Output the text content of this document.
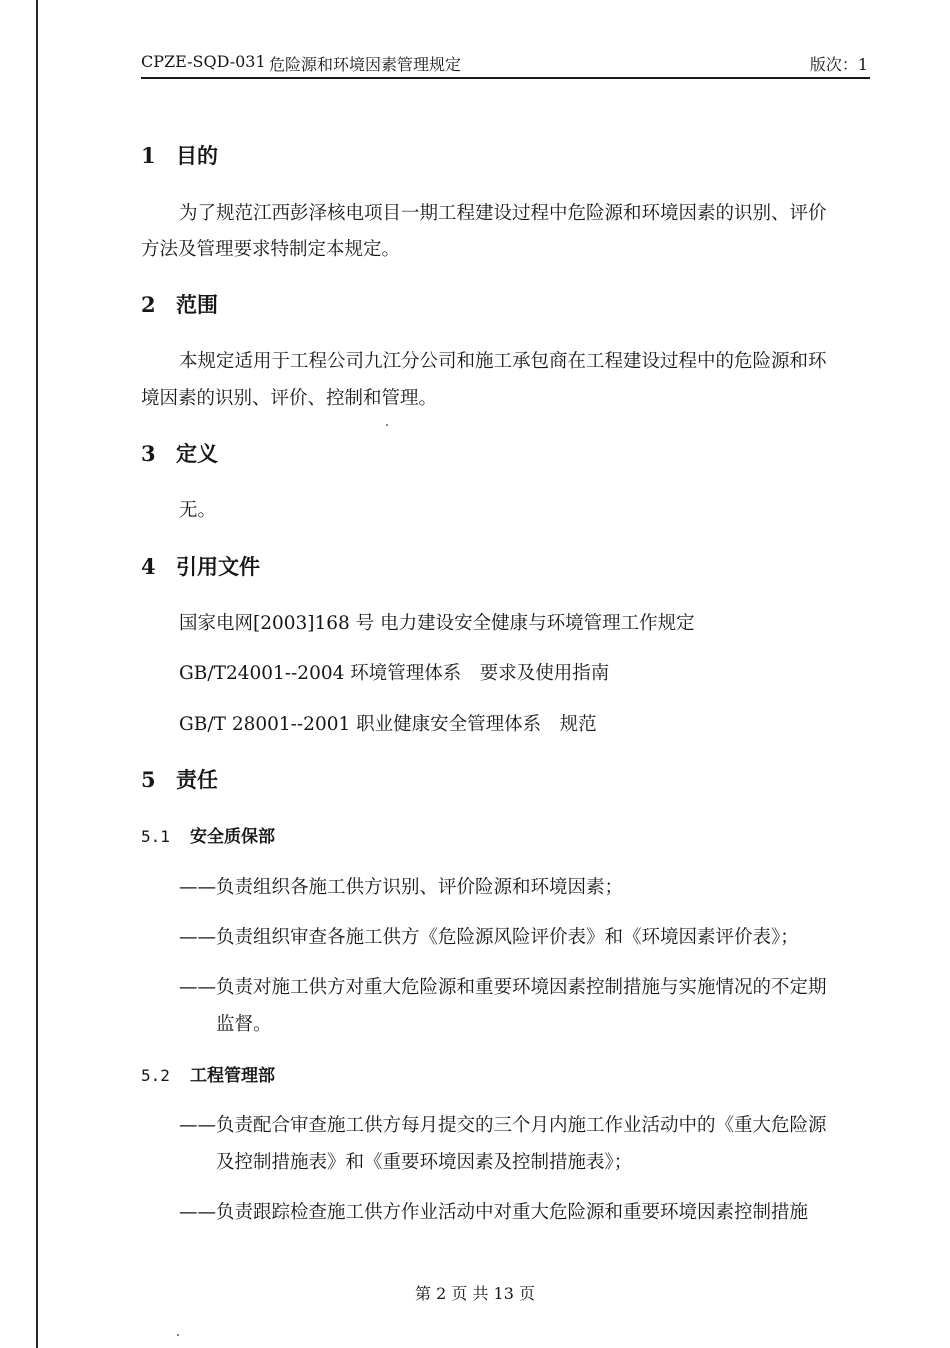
CPZE-SQD-031 危险源和环境因素管理规定	版次：1
1 目的
为了规范江西彭泽核电项目一期工程建设过程中危险源和环境因素的识别、评价
方法及管理要求特制定本规定。
2 范围
本规定适用于工程公司九江分公司和施工承包商在工程建设过程中的危险源和环
境因素的识别、评价、控制和管理。
3 定义
无。
4 引用文件
国家电网[2003]168 号 电力建设安全健康与环境管理工作规定
GB/T24001--2004 环境管理体系　要求及使用指南
GB/T 28001--2001 职业健康安全管理体系　规范
5 责任
5.1 安全质保部
——负责组织各施工供方识别、评价险源和环境因素；
——负责组织审查各施工供方《危险源风险评价表》和《环境因素评价表》；
——负责对施工供方对重大危险源和重要环境因素控制措施与实施情况的不定期
监督。
5.2 工程管理部
——负责配合审查施工供方每月提交的三个月内施工作业活动中的《重大危险源
及控制措施表》和《重要环境因素及控制措施表》；
——负责跟踪检查施工供方作业活动中对重大危险源和重要环境因素控制措施
第 2 页 共 13 页
